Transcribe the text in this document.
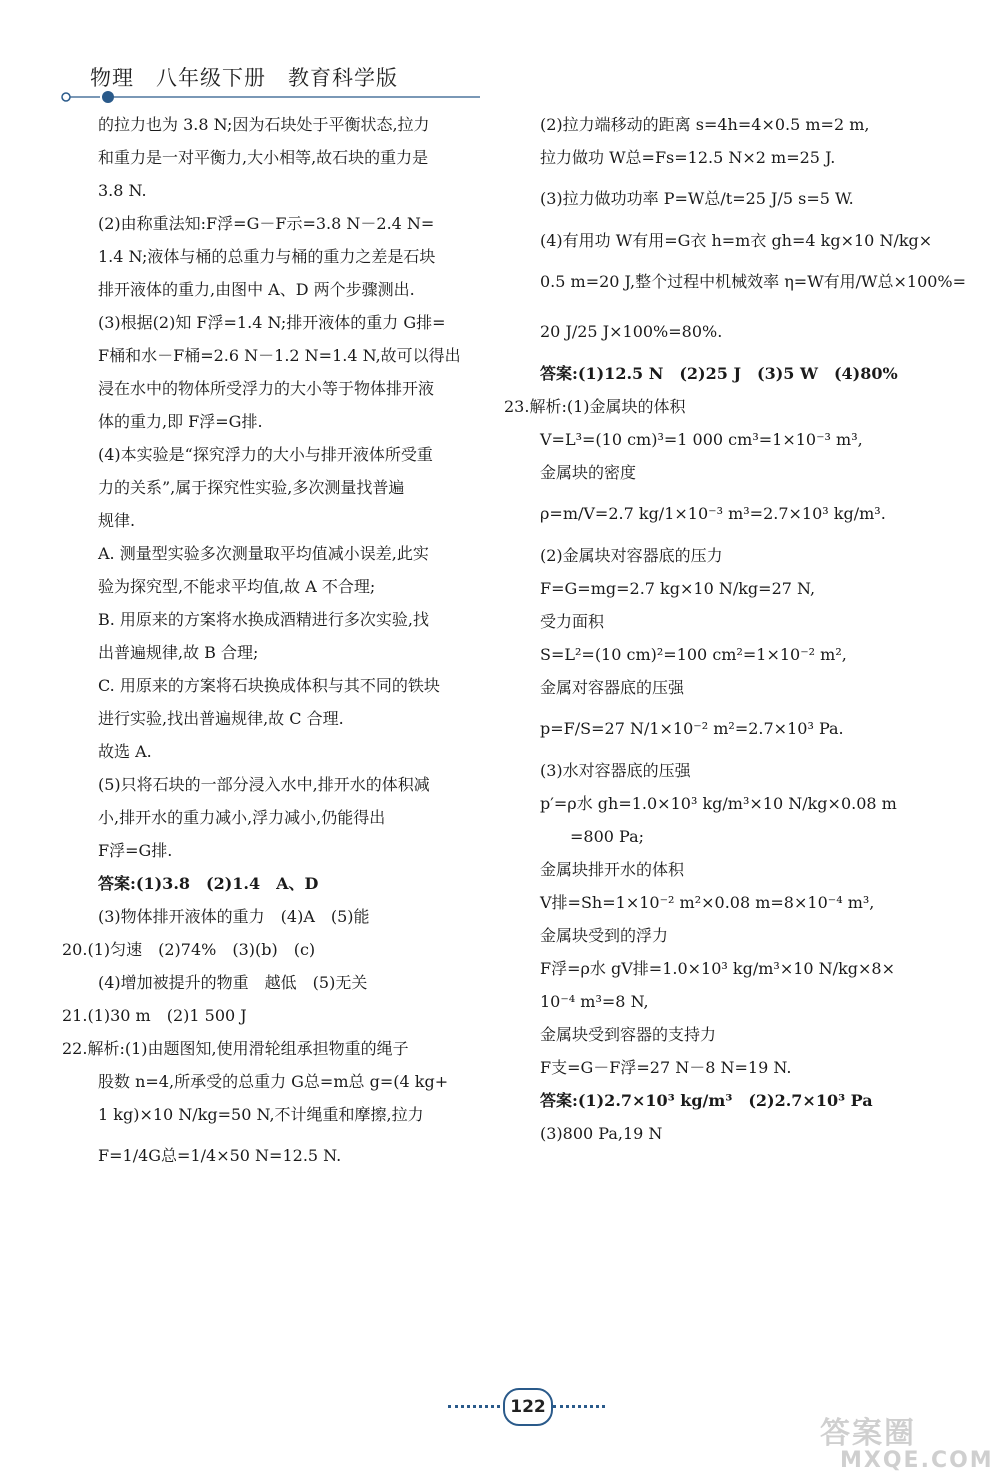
物理　八年级下册　教育科学版
的拉力也为 3.8 N;因为石块处于平衡状态,拉力
和重力是一对平衡力,大小相等,故石块的重力是
3.8 N.
(2)由称重法知:F浮=G－F示=3.8 N－2.4 N=
1.4 N;液体与桶的总重力与桶的重力之差是石块
排开液体的重力,由图中 A、D 两个步骤测出.
(3)根据(2)知 F浮=1.4 N;排开液体的重力 G排=
F桶和水－F桶=2.6 N－1.2 N=1.4 N,故可以得出
浸在水中的物体所受浮力的大小等于物体排开液
体的重力,即 F浮=G排.
(4)本实验是“探究浮力的大小与排开液体所受重
力的关系”,属于探究性实验,多次测量找普遍
规律.
A. 测量型实验多次测量取平均值减小误差,此实
验为探究型,不能求平均值,故 A 不合理;
B. 用原来的方案将水换成酒精进行多次实验,找
出普遍规律,故 B 合理;
C. 用原来的方案将石块换成体积与其不同的铁块
进行实验,找出普遍规律,故 C 合理.
故选 A.
(5)只将石块的一部分浸入水中,排开水的体积减
小,排开水的重力减小,浮力减小,仍能得出
F浮=G排.
答案:(1)3.8　(2)1.4　A、D
(3)物体排开液体的重力　(4)A　(5)能
20.(1)匀速　(2)74%　(3)(b)　(c)
(4)增加被提升的物重　越低　(5)无关
21.(1)30 m　(2)1 500 J
22.解析:(1)由题图知,使用滑轮组承担物重的绳子
股数 n=4,所承受的总重力 G总=m总 g=(4 kg+
1 kg)×10 N/kg=50 N,不计绳重和摩擦,拉力
F=1/4G总=1/4×50 N=12.5 N.
(2)拉力端移动的距离 s=4h=4×0.5 m=2 m,
拉力做功 W总=Fs=12.5 N×2 m=25 J.
(3)拉力做功功率 P=W总/t=25 J/5 s=5 W.
(4)有用功 W有用=G衣 h=m衣 gh=4 kg×10 N/kg×
0.5 m=20 J,整个过程中机械效率 η=W有用/W总×100%=
20 J/25 J×100%=80%.
答案:(1)12.5 N　(2)25 J　(3)5 W　(4)80%
23.解析:(1)金属块的体积
V=L³=(10 cm)³=1 000 cm³=1×10⁻³ m³,
金属块的密度
ρ=m/V=2.7 kg/1×10⁻³ m³=2.7×10³ kg/m³.
(2)金属块对容器底的压力
F=G=mg=2.7 kg×10 N/kg=27 N,
受力面积
S=L²=(10 cm)²=100 cm²=1×10⁻² m²,
金属对容器底的压强
p=F/S=27 N/1×10⁻² m²=2.7×10³ Pa.
(3)水对容器底的压强
p′=ρ水 gh=1.0×10³ kg/m³×10 N/kg×0.08 m
=800 Pa;
金属块排开水的体积
V排=Sh=1×10⁻² m²×0.08 m=8×10⁻⁴ m³,
金属块受到的浮力
F浮=ρ水 gV排=1.0×10³ kg/m³×10 N/kg×8×
10⁻⁴ m³=8 N,
金属块受到容器的支持力
F支=G－F浮=27 N－8 N=19 N.
答案:(1)2.7×10³ kg/m³　(2)2.7×10³ Pa
(3)800 Pa,19 N
122
答案圈
MXQE.COM
